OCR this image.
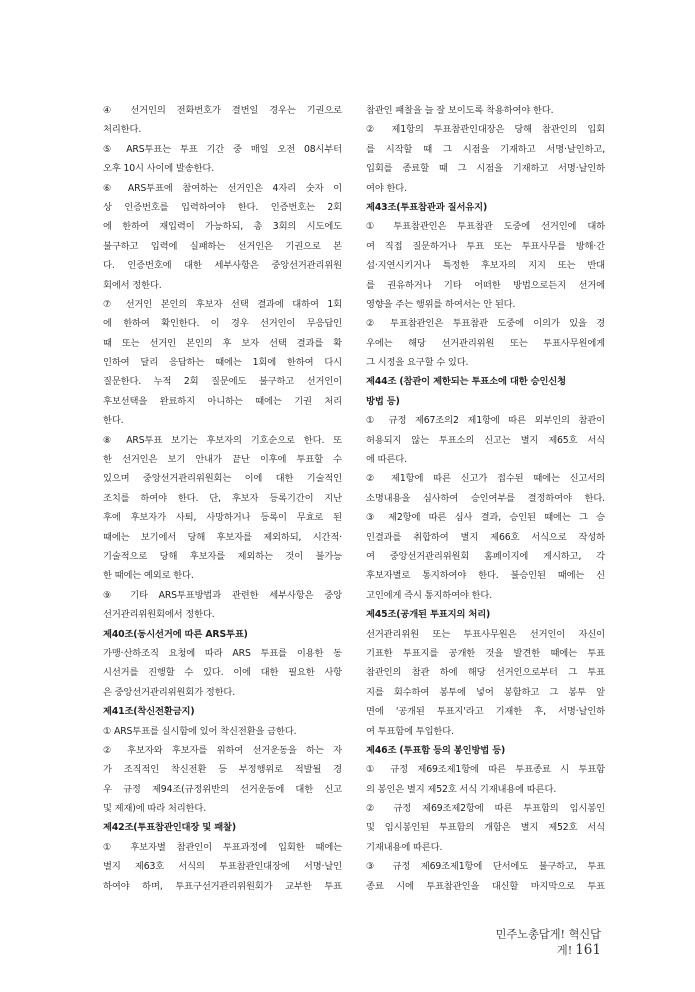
④ 선거인의 전화번호가 결번일 경우는 기권으로
처리한다.
⑤ ARS투표는 투표 기간 중 매일 오전 08시부터
오후 10시 사이에 발송한다.
⑥ ARS투표에 참여하는 선거인은 4자리 숫자 이
상 인증번호를 입력하여야 한다. 인증번호는 2회
에 한하여 재입력이 가능하되, 총 3회의 시도에도
불구하고 입력에 실패하는 선거인은 기권으로 본
다. 인증번호에 대한 세부사항은 중앙선거관리위원
회에서 정한다.
⑦ 선거인 본인의 후보자 선택 결과에 대하여 1회
에 한하여 확인한다. 이 경우 선거인이 무응답인
때 또는 선거인 본인의 후 보자 선택 결과를 확
인하여 달리 응답하는 때에는 1회에 한하여 다시
질문한다. 누적 2회 질문에도 불구하고 선거인이
후보선택을 완료하지 아니하는 때에는 기권 처리
한다.
⑧ ARS투표 보기는 후보자의 기호순으로 한다. 또
한 선거인은 보기 안내가 끝난 이후에 투표할 수
있으며 중앙선거관리위원회는 이에 대한 기술적인
조치를 하여야 한다. 단, 후보자 등록기간이 지난
후에 후보자가 사퇴, 사망하거나 등록이 무효로 된
때에는 보기에서 당해 후보자를 제외하되, 시간적·
기술적으로 당해 후보자를 제외하는 것이 불가능
한 때에는 예외로 한다.
⑨ 기타 ARS투표방법과 관련한 세부사항은 중앙
선거관리위원회에서 정한다.
제40조(동시선거에 따른 ARS투표)
가맹·산하조직 요청에 따라 ARS 투표를 이용한 동
시선거를 진행할 수 있다. 이에 대한 필요한 사항
은 중앙선거관리위원회가 정한다.
제41조(착신전환금지)
① ARS투표를 실시함에 있어 착신전환을 금한다.
② 후보자와 후보자를 위하여 선거운동을 하는 자
가 조직적인 착신전환 등 부정행위로 적발될 경
우 규정 제94조(규정위반의 선거운동에 대한 신고
및 제재)에 따라 처리한다.
제42조(투표참관인대장 및 패찰)
① 후보자별 참관인이 투표과정에 입회한 때에는
별지 제63호 서식의 투표참관인대장에 서명·날인
하여야 하며, 투표구선거관리위원회가 교부한 투표
참관인 패찰을 늘 잘 보이도록 착용하여야 한다.
② 제1항의 투표참관인대장은 당해 참관인의 입회
를 시작할 때 그 시점을 기재하고 서명·날인하고,
입회를 종료할 때 그 시점을 기재하고 서명·날인하
여야 한다.
제43조(투표참관과 질서유지)
① 투표참관인은 투표참관 도중에 선거인에 대하
여 직접 질문하거나 투표 또는 투표사무를 방해·간
섭·지연시키거나 특정한 후보자의 지지 또는 반대
를 권유하거나 기타 어떠한 방법으로든지 선거에
영향을 주는 행위를 하여서는 안 된다.
② 투표참관인은 투표참관 도중에 이의가 있을 경
우에는 해당 선거관리위원 또는 투표사무원에게
그 시정을 요구할 수 있다.
제44조 (참관이 제한되는 투표소에 대한 승인신청
방법 등)
① 규정 제67조의2 제1항에 따른 외부인의 참관이
허용되지 않는 투표소의 신고는 별지 제65호 서식
에 따른다.
② 제1항에 따른 신고가 접수된 때에는 신고서의
소명내용을 심사하여 승인여부를 결정하여야 한다.
③ 제2항에 따른 심사 결과, 승인된 때에는 그 승
인결과를 취합하여 별지 제66호 서식으로 작성하
여 중앙선거관리위원회 홈페이지에 게시하고, 각
후보자별로 통지하여야 한다. 불승인된 때에는 신
고인에게 즉시 통지하여야 한다.
제45조(공개된 투표지의 처리)
선거관리위원 또는 투표사무원은 선거인이 자신이
기표한 투표지를 공개한 것을 발견한 때에는 투표
참관인의 참관 하에 해당 선거인으로부터 그 투표
지를 회수하여 봉투에 넣어 봉함하고 그 봉투 앞
면에 '공개된 투표지'라고 기재한 후, 서명·날인하
여 투표함에 투입한다.
제46조 (투표함 등의 봉인방법 등)
① 규정 제69조제1항에 따른 투표종료 시 투표함
의 봉인은 별지 제52호 서식 기재내용에 따른다.
② 규정 제69조제2항에 따른 투표함의 임시봉인
및 임시봉인된 투표함의 개함은 별지 제52호 서식
기재내용에 따른다.
③ 규정 제69조제1항에 단서에도 불구하고, 투표
종료 시에 투표참관인을 대신할 마지막으로 투표
민주노총답게! 혁신답게! 161
